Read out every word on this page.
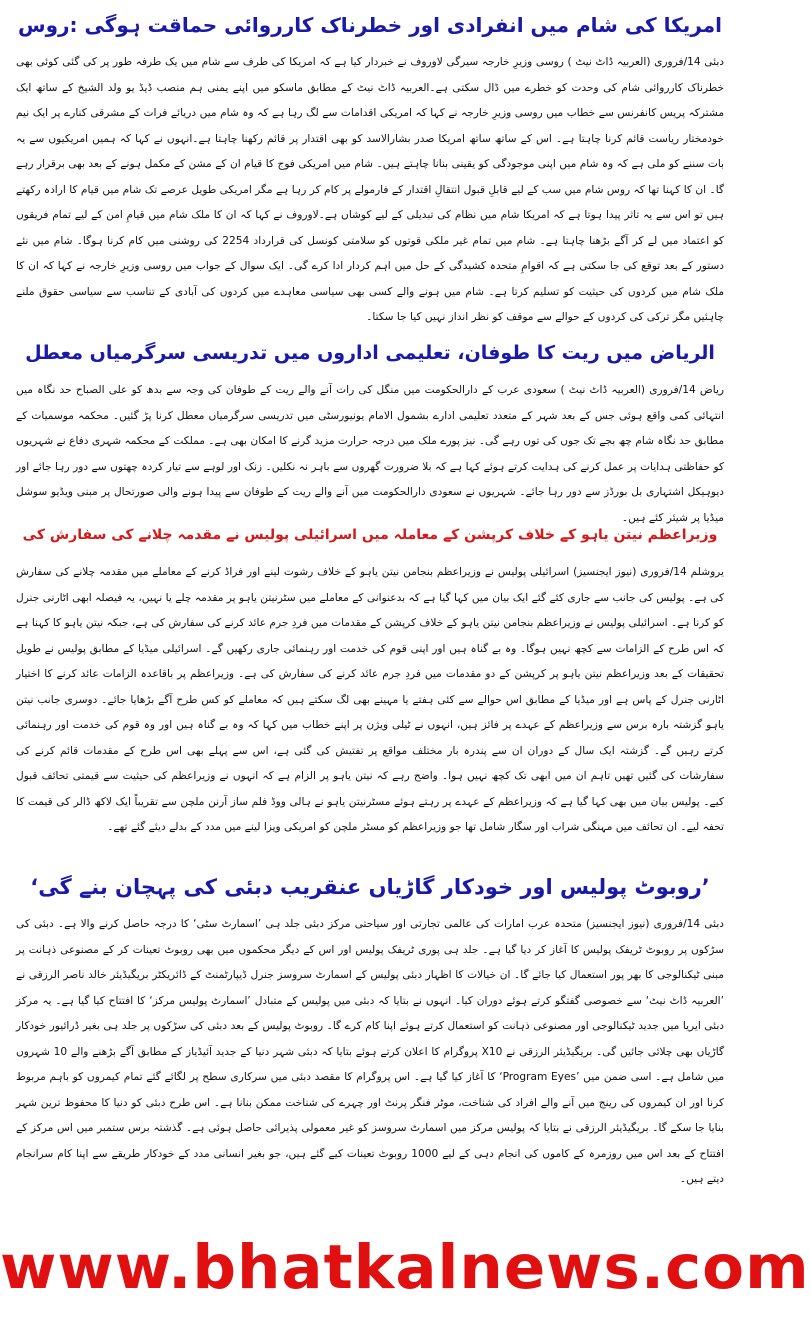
امریکا کی شام میں انفرادی اور خطرناک کارروائی حماقت ہوگی :روس

دبئی 14/فروری (العربیہ ڈاٹ نیٹ ) روسی وزیرِ خارجہ سیرگی لاوروف نے خبردار کیا ہے کہ امریکا کی طرف سے شام میں یک طرفہ طور پر کی گئی کوئی بھی خطرناک کارروائی شام کی وحدت کو خطرے میں ڈال سکتی ہے۔العربیہ ڈاٹ نیٹ کے مطابق ماسکو میں اپنے یمنی ہم منصب ڈیڈ یو ولد الشیخ کے ساتھ ایک مشترکہ پریس کانفرنس سے خطاب میں روسی وزیرِ خارجہ نے کہا کہ امریکی اقدامات سے لگ رہا ہے کہ وہ شام میں دریائے فرات کے مشرقی کنارے پر ایک نیم خودمختار ریاست قائم کرنا چاہتا ہے۔ اس کے ساتھ ساتھ امریکا صدر بشارالاسد کو بھی اقتدار پر قائم رکھنا چاہتا ہے۔انہوں نے کہا کہ ہمیں امریکیوں سے یہ بات سننے کو ملی ہے کہ وہ شام میں اپنی موجودگی کو یقینی بنانا چاہتے ہیں۔ شام میں امریکی فوج کا قیام ان کے مشن کے مکمل ہونے کے بعد بھی برقرار رہے گا۔ ان کا کہنا تھا کہ روس شام میں سب کے لیے قابلِ قبول انتقالِ اقتدار کے فارمولے پر کام کر رہا ہے مگر امریکی طویل عرصے تک شام میں قیام کا ارادہ رکھتے ہیں تو اس سے یہ تاثر پیدا ہوتا ہے کہ امریکا شام میں نظام کی تبدیلی کے لیے کوشاں ہے۔لاوروف نے کہا کہ ان کا ملک شام میں قیامِ امن کے لیے تمام فریقوں کو اعتماد میں لے کر آگے بڑھنا چاہتا ہے۔ شام میں تمام غیر ملکی قوتوں کو سلامتی کونسل کی قرارداد 2254 کی روشنی میں کام کرنا ہوگا۔ شام میں نئے دستور کے بعد توقع کی جا سکتی ہے کہ اقوامِ متحدہ کشیدگی کے حل میں اہم کردار ادا کرے گی۔ ایک سوال کے جواب میں روسی وزیرِ خارجہ نے کہا کہ ان کا ملک شام میں کردوں کی حیثیت کو تسلیم کرتا ہے۔ شام میں ہونے والے کسی بھی سیاسی معاہدے میں کردوں کی آبادی کے تناسب سے سیاسی حقوق ملنے چاہئیں مگر ترکی کی کردوں کے حوالے سے موقف کو نظر انداز نہیں کیا جا سکتا۔

الریاض میں ریت کا طوفان، تعلیمی اداروں میں تدریسی سرگرمیاں معطل

ریاض 14/فروری (العربیہ ڈاٹ نیٹ ) سعودی عرب کے دارالحکومت میں منگل کی رات آنے والے ریت کے طوفان کی وجہ سے بدھ کو علی الصباح حد نگاہ میں انتہائی کمی واقع ہوئی جس کے بعد شہر کے متعدد تعلیمی ادارے بشمول الامام یونیورسٹی میں تدریسی سرگرمیاں معطل کرنا پڑ گئیں۔ محکمہ موسمیات کے مطابق حد نگاہ شام چھ بجے تک جوں کی توں رہے گی۔ نیز پورے ملک میں درجہ حرارت مزید گرنے کا امکان بھی ہے۔ مملکت کے محکمہ شہری دفاع نے شہریوں کو حفاظتی ہدایات پر عمل کرنے کی ہدایت کرتے ہوئے کہا ہے کہ بلا ضرورت گھروں سے باہر نہ نکلیں۔ زنک اور لوہے سے تیار کردہ چھتوں سے دور رہا جائے اور دیوہیکل اشتہاری بل بورڈز سے دور رہا جائے۔ شہریوں نے سعودی دارالحکومت میں آنے والے ریت کے طوفان سے پیدا ہونے والی صورتحال پر مبنی ویڈیو سوشل میڈیا پر شیئر کئے ہیں۔

وزیراعظم نیتن یاہو کے خلاف کرپشن کے معاملہ میں اسرائیلی پولیس نے مقدمہ چلانے کی سفارش کی

یروشلم 14/فروری (نیوز ایجنسیز) اسرائیلی پولیس نے وزیراعظم بنجامن نیتن یاہو کے خلاف رشوت لینے اور فراڈ کرنے کے معاملے میں مقدمہ چلانے کی سفارش کی ہے۔ پولیس کی جانب سے جاری کئے گئے ایک بیان میں کہا گیا ہے کہ بدعنوانی کے معاملے میں سٹرنیتن یاہو پر مقدمہ چلے یا نہیں، یہ فیصلہ ابھی اٹارنی جنرل کو کرنا ہے۔ اسرائیلی پولیس نے وزیراعظم بنجامن نیتن یاہو کے خلاف کرپشن کے مقدمات میں فردِ جرم عائد کرنے کی سفارش کی ہے، جبکہ نیتن یاہو کا کہنا ہے کہ اس طرح کے الزامات سے کچھ نہیں ہوگا۔ وہ بے گناہ ہیں اور اپنی قوم کی خدمت اور رہنمائی جاری رکھیں گے۔ اسرائیلی میڈیا کے مطابق پولیس نے طویل تحقیقات کے بعد وزیراعظم نیتن یاہو پر کرپشن کے دو مقدمات میں فردِ جرم عائد کرنے کی سفارش کی ہے۔ وزیراعظم پر باقاعدہ الزامات عائد کرنے کا اختیار اٹارنی جنرل کے پاس ہے اور میڈیا کے مطابق اس حوالے سے کئی ہفتے یا مہینے بھی لگ سکتے ہیں کہ معاملے کو کس طرح آگے بڑھایا جائے۔ دوسری جانب نیتن یاہو گزشتہ بارہ برس سے وزیراعظم کے عہدے پر فائز ہیں، انہوں نے ٹیلی ویژن پر اپنے خطاب میں کہا کہ وہ بے گناہ ہیں اور وہ قوم کی خدمت اور رہنمائی کرتے رہیں گے۔ گزشتہ ایک سال کے دوران ان سے پندرہ بار مختلف مواقع پر تفتیش کی گئی ہے، اس سے پہلے بھی اس طرح کے مقدمات قائم کرنے کی سفارشات کی گئیں تھیں تاہم ان میں ابھی تک کچھ نہیں ہوا۔ واضح رہے کہ نیتن یاہو پر الزام ہے کہ انہوں نے وزیراعظم کی حیثیت سے قیمتی تحائف قبول کیے۔ پولیس بیان میں بھی کہا گیا ہے کہ وزیراعظم کے عہدے پر رہتے ہوئے مسٹرنیتن یاہو نے ہالی ووڈ فلم ساز آرنن ملچن سے تقریباً ایک لاکھ ڈالر کی قیمت کا تحفہ لیے۔ ان تحائف میں مہنگی شراب اور سگار شامل تھا جو وزیراعظم کو مسٹر ملچن کو امریکی ویزا لینے میں مدد کے بدلے دیئے گئے تھے۔

’روبوٹ پولیس اور خودکار گاڑیاں عنقریب دبئی کی پہچان بنے گی‘

دبئی 14/فروری (نیوز ایجنسیز) متحدہ عرب امارات کی عالمی تجارتی اور سیاحتی مرکز دبئی جلد ہی ’اسمارٹ سٹی‘ کا درجہ حاصل کرنے والا ہے۔ دبئی کی سڑکوں پر روبوٹ ٹریفک پولیس کا آغاز کر دیا گیا ہے۔ جلد ہی پوری ٹریفک پولیس اور اس کے دیگر محکموں میں بھی روبوٹ تعینات کر کے مصنوعی ذہانت پر مبنی ٹیکنالوجی کا بھر پور استعمال کیا جائے گا۔ ان خیالات کا اظہار دبئی پولیس کے اسمارٹ سروسز جنرل ڈیپارٹمنٹ کے ڈائریکٹر بریگیڈیئر خالد ناصر الرزقی نے ’العربیہ ڈاٹ نیٹ‘ سے خصوصی گفتگو کرتے ہوئے دوران کیا۔ انہوں نے بتایا کہ دبئی میں پولیس کے متبادل ’اسمارٹ پولیس مرکز‘ کا افتتاح کیا گیا ہے۔ یہ مرکز دبئی ایریا میں جدید ٹیکنالوجی اور مصنوعی ذہانت کو استعمال کرتے ہوئے اپنا کام کرے گا۔ روبوٹ پولیس کے بعد دبئی کی سڑکوں پر جلد ہی بغیر ڈرائیور خودکار گاڑیاں بھی چلائی جائیں گی۔ بریگیڈیئر الرزقی نے X10 پروگرام کا اعلان کرتے ہوئے بتایا کہ دبئی شہر دنیا کے جدید آئیڈیاز کے مطابق آگے بڑھنے والے 10 شہروں میں شامل ہے۔ اسی ضمن میں ’Program Eyes‘ کا آغاز کیا گیا ہے۔ اس پروگرام کا مقصد دبئی میں سرکاری سطح پر لگائے گئے تمام کیمروں کو باہم مربوط کرنا اور ان کیمروں کی رینج میں آنے والے افراد کی شناخت، موٹر فنگر پرنٹ اور چہرے کی شناخت ممکن بنانا ہے۔ اس طرح دبئی کو دنیا کا محفوظ ترین شہر بنایا جا سکے گا۔ بریگیڈیئر الرزقی نے بتایا کہ پولیس مرکز میں اسمارٹ سروسز کو غیر معمولی پذیرائی حاصل ہوئی ہے۔ گذشتہ برس ستمبر میں اس مرکز کے افتتاح کے بعد اس میں روزمرہ کے کاموں کی انجام دہی کے لیے 1000 روبوٹ تعینات کیے گئے ہیں، جو بغیر انسانی مدد کے خودکار طریقے سے اپنا کام سرانجام دیتے ہیں۔

www.bhatkalnews.com
